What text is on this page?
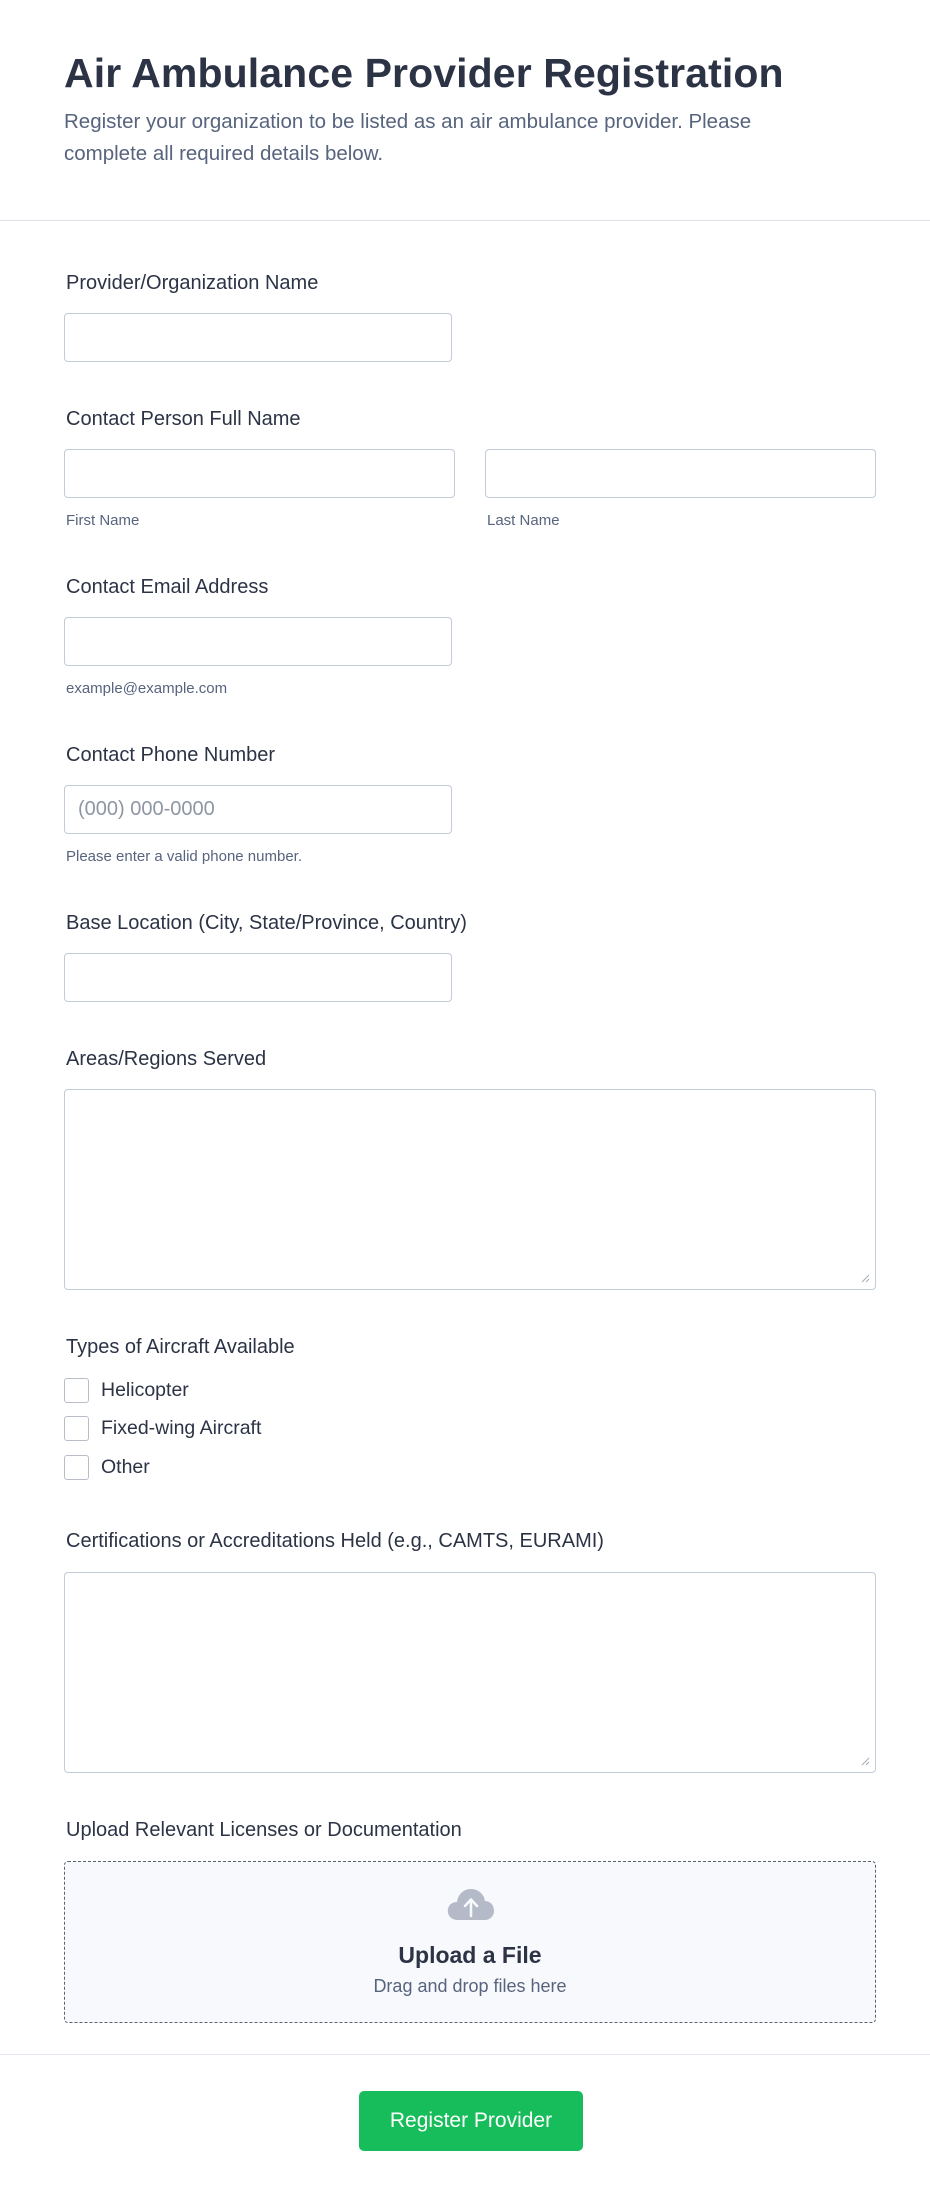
Air Ambulance Provider Registration

Register your organization to be listed as an air ambulance provider. Please complete all required details below.

Provider/Organization Name
Contact Person Full Name
First Name	Last Name
Contact Email Address
example@example.com
Contact Phone Number
(000) 000-0000
Please enter a valid phone number.
Base Location (City, State/Province, Country)
Areas/Regions Served
Types of Aircraft Available
Helicopter
Fixed-wing Aircraft
Other
Certifications or Accreditations Held (e.g., CAMTS, EURAMI)
Upload Relevant Licenses or Documentation
Upload a File
Drag and drop files here
Register Provider
